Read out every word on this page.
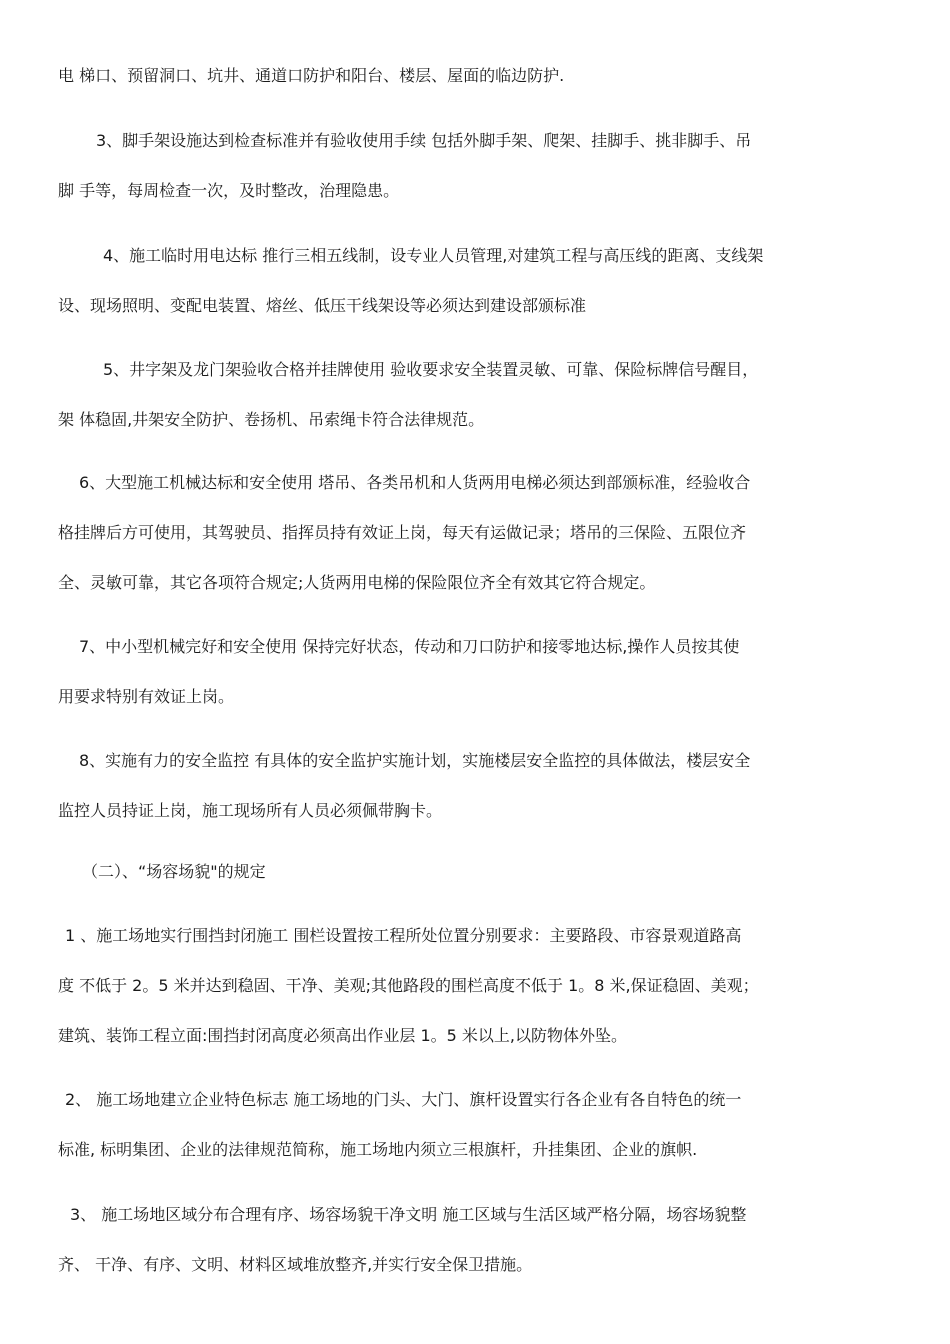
电 梯口、预留洞口、坑井、通道口防护和阳台、楼层、屋面的临边防护.
3、脚手架设施达到检查标准并有验收使用手续 包括外脚手架、爬架、挂脚手、挑非脚手、吊
脚 手等，每周检查一次，及时整改，治理隐患。
4、施工临时用电达标 推行三相五线制，设专业人员管理,对建筑工程与高压线的距离、支线架
设、现场照明、变配电装置、熔丝、低压干线架设等必须达到建设部颁标准
5、井字架及龙门架验收合格并挂牌使用 验收要求安全装置灵敏、可靠、保险标牌信号醒目，
架 体稳固,井架安全防护、卷扬机、吊索绳卡符合法律规范。
6、大型施工机械达标和安全使用 塔吊、各类吊机和人货两用电梯必须达到部颁标准，经验收合
格挂牌后方可使用，其驾驶员、指挥员持有效证上岗，每天有运做记录；塔吊的三保险、五限位齐
全、灵敏可靠，其它各项符合规定;人货两用电梯的保险限位齐全有效其它符合规定。
7、中小型机械完好和安全使用 保持完好状态，传动和刀口防护和接零地达标,操作人员按其使
用要求特别有效证上岗。
8、实施有力的安全监控 有具体的安全监护实施计划，实施楼层安全监控的具体做法，楼层安全
监控人员持证上岗，施工现场所有人员必须佩带胸卡。
（二）、“场容场貌"的规定
1 、施工场地实行围挡封闭施工 围栏设置按工程所处位置分别要求：主要路段、市容景观道路高
度 不低于 2。5 米并达到稳固、干净、美观;其他路段的围栏高度不低于 1。8 米,保证稳固、美观；
建筑、装饰工程立面:围挡封闭高度必须高出作业层 1。5 米以上,以防物体外坠。
2、 施工场地建立企业特色标志 施工场地的门头、大门、旗杆设置实行各企业有各自特色的统一
标准, 标明集团、企业的法律规范简称，施工场地内须立三根旗杆，升挂集团、企业的旗帜.
3、 施工场地区域分布合理有序、场容场貌干净文明 施工区域与生活区域严格分隔，场容场貌整
齐、 干净、有序、文明、材料区域堆放整齐,并实行安全保卫措施。
